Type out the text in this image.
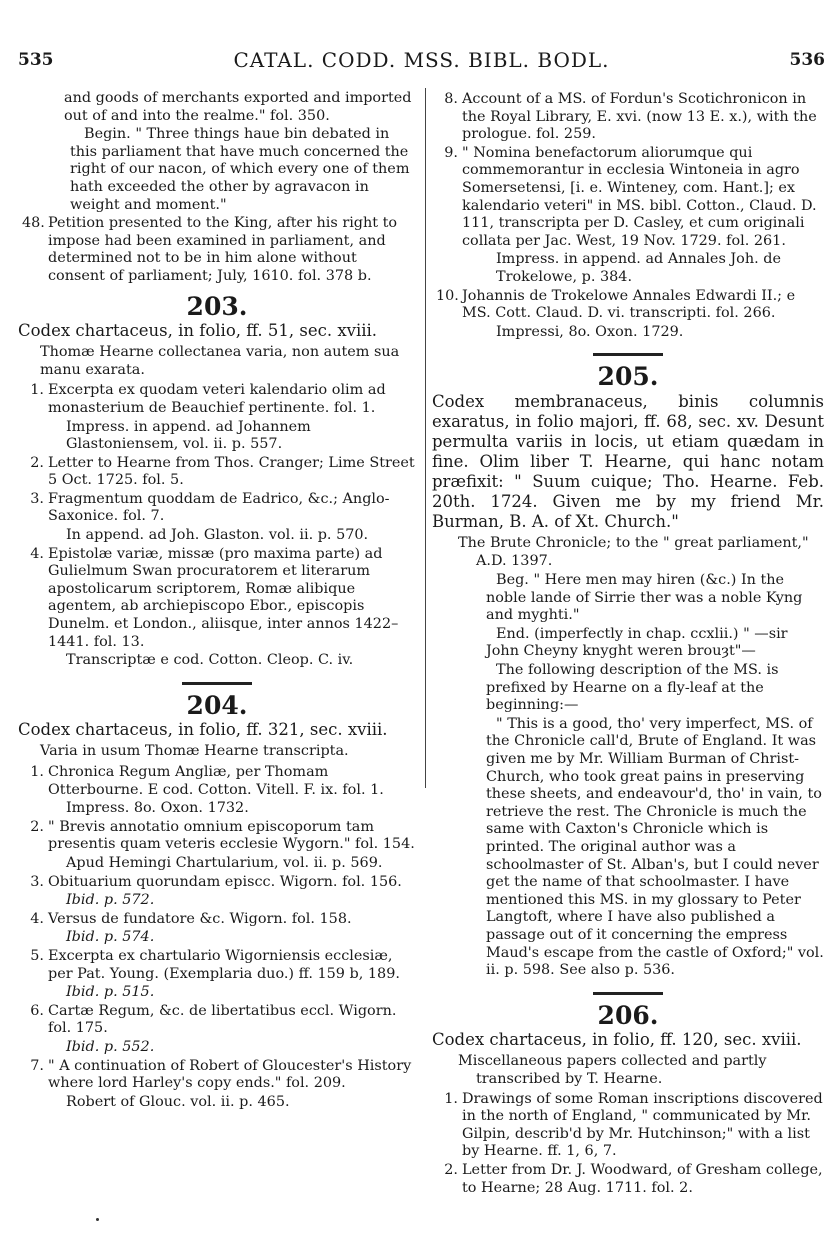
535	CATAL. CODD. MSS. BIBL. BODL.	536

and goods of merchants exported and imported out of and into the realme." fol. 350.

Begin. " Three things haue bin debated in this parliament that have much concerned the right of our nacon, of which every one of them hath exceeded the other by agravacon in weight and moment."

48. Petition presented to the King, after his right to impose had been examined in parliament, and determined not to be in him alone without consent of parliament; July, 1610. fol. 378 b.
203.

Codex chartaceus, in folio, ff. 51, sec. xviii.

Thomæ Hearne collectanea varia, non autem sua manu exarata.

1. Excerpta ex quodam veteri kalendario olim ad monasterium de Beauchief pertinente. fol. 1.

Impress. in append. ad Johannem Glastoniensem, vol. ii. p. 557.

2. Letter to Hearne from Thos. Cranger; Lime Street 5 Oct. 1725. fol. 5.
3. Fragmentum quoddam de Eadrico, &c.; Anglo-Saxonice. fol. 7.

In append. ad Joh. Glaston. vol. ii. p. 570.

4. Epistolæ variæ, missæ (pro maxima parte) ad Gulielmum Swan procuratorem et literarum apostolicarum scriptorem, Romæ alibique agentem, ab archiepiscopo Ebor., episcopis Dunelm. et London., aliisque, inter annos 1422–1441. fol. 13.

Transcriptæ e cod. Cotton. Cleop. C. iv.

204.

Codex chartaceus, in folio, ff. 321, sec. xviii.

Varia in usum Thomæ Hearne transcripta.

1. Chronica Regum Angliæ, per Thomam Otterbourne. E cod. Cotton. Vitell. F. ix. fol. 1.

Impress. 8o. Oxon. 1732.

2. " Brevis annotatio omnium episcoporum tam presentis quam veteris ecclesie Wygorn." fol. 154.

Apud Hemingi Chartularium, vol. ii. p. 569.

3. Obituarium quorundam episcc. Wigorn. fol. 156.

Ibid. p. 572.

4. Versus de fundatore &c. Wigorn. fol. 158.

Ibid. p. 574.

5. Excerpta ex chartulario Wigorniensis ecclesiæ, per Pat. Young. (Exemplaria duo.) ff. 159 b, 189.

Ibid. p. 515.

6. Cartæ Regum, &c. de libertatibus eccl. Wigorn. fol. 175.

Ibid. p. 552.

7. " A continuation of Robert of Gloucester's History where lord Harley's copy ends." fol. 209.

Robert of Glouc. vol. ii. p. 465.

8. Account of a MS. of Fordun's Scotichronicon in the Royal Library, E. xvi. (now 13 E. x.), with the prologue. fol. 259.
9. " Nomina benefactorum aliorumque qui commemorantur in ecclesia Wintoneia in agro Somersetensi, [i. e. Winteney, com. Hant.]; ex kalendario veteri" in MS. bibl. Cotton., Claud. D. 111, transcripta per D. Casley, et cum originali collata per Jac. West, 19 Nov. 1729. fol. 261.

Impress. in append. ad Annales Joh. de Trokelowe, p. 384.

10. Johannis de Trokelowe Annales Edwardi II.; e MS. Cott. Claud. D. vi. transcripti. fol. 266.

Impressi, 8o. Oxon. 1729.

205.

Codex membranaceus, binis columnis exaratus, in folio majori, ff. 68, sec. xv. Desunt permulta variis in locis, ut etiam quædam in fine. Olim liber T. Hearne, qui hanc notam præfixit: " Suum cuique; Tho. Hearne. Feb. 20th. 1724. Given me by my friend Mr. Burman, B. A. of Xt. Church."

The Brute Chronicle; to the " great parliament," A.D. 1397.

Beg. " Here men may hiren (&c.) In the noble lande of Sirrie ther was a noble Kyng and myghti."

End. (imperfectly in chap. ccxlii.) " —sir John Cheyny knyght weren brouȝt"—

The following description of the MS. is prefixed by Hearne on a fly-leaf at the beginning:—

" This is a good, tho' very imperfect, MS. of the Chronicle call'd, Brute of England. It was given me by Mr. William Burman of Christ-Church, who took great pains in preserving these sheets, and endeavour'd, tho' in vain, to retrieve the rest. The Chronicle is much the same with Caxton's Chronicle which is printed. The original author was a schoolmaster of St. Alban's, but I could never get the name of that schoolmaster. I have mentioned this MS. in my glossary to Peter Langtoft, where I have also published a passage out of it concerning the empress Maud's escape from the castle of Oxford;" vol. ii. p. 598. See also p. 536.

206.

Codex chartaceus, in folio, ff. 120, sec. xviii.

Miscellaneous papers collected and partly transcribed by T. Hearne.

1. Drawings of some Roman inscriptions discovered in the north of England, " communicated by Mr. Gilpin, describ'd by Mr. Hutchinson;" with a list by Hearne. ff. 1, 6, 7.
2. Letter from Dr. J. Woodward, of Gresham college, to Hearne; 28 Aug. 1711. fol. 2.
